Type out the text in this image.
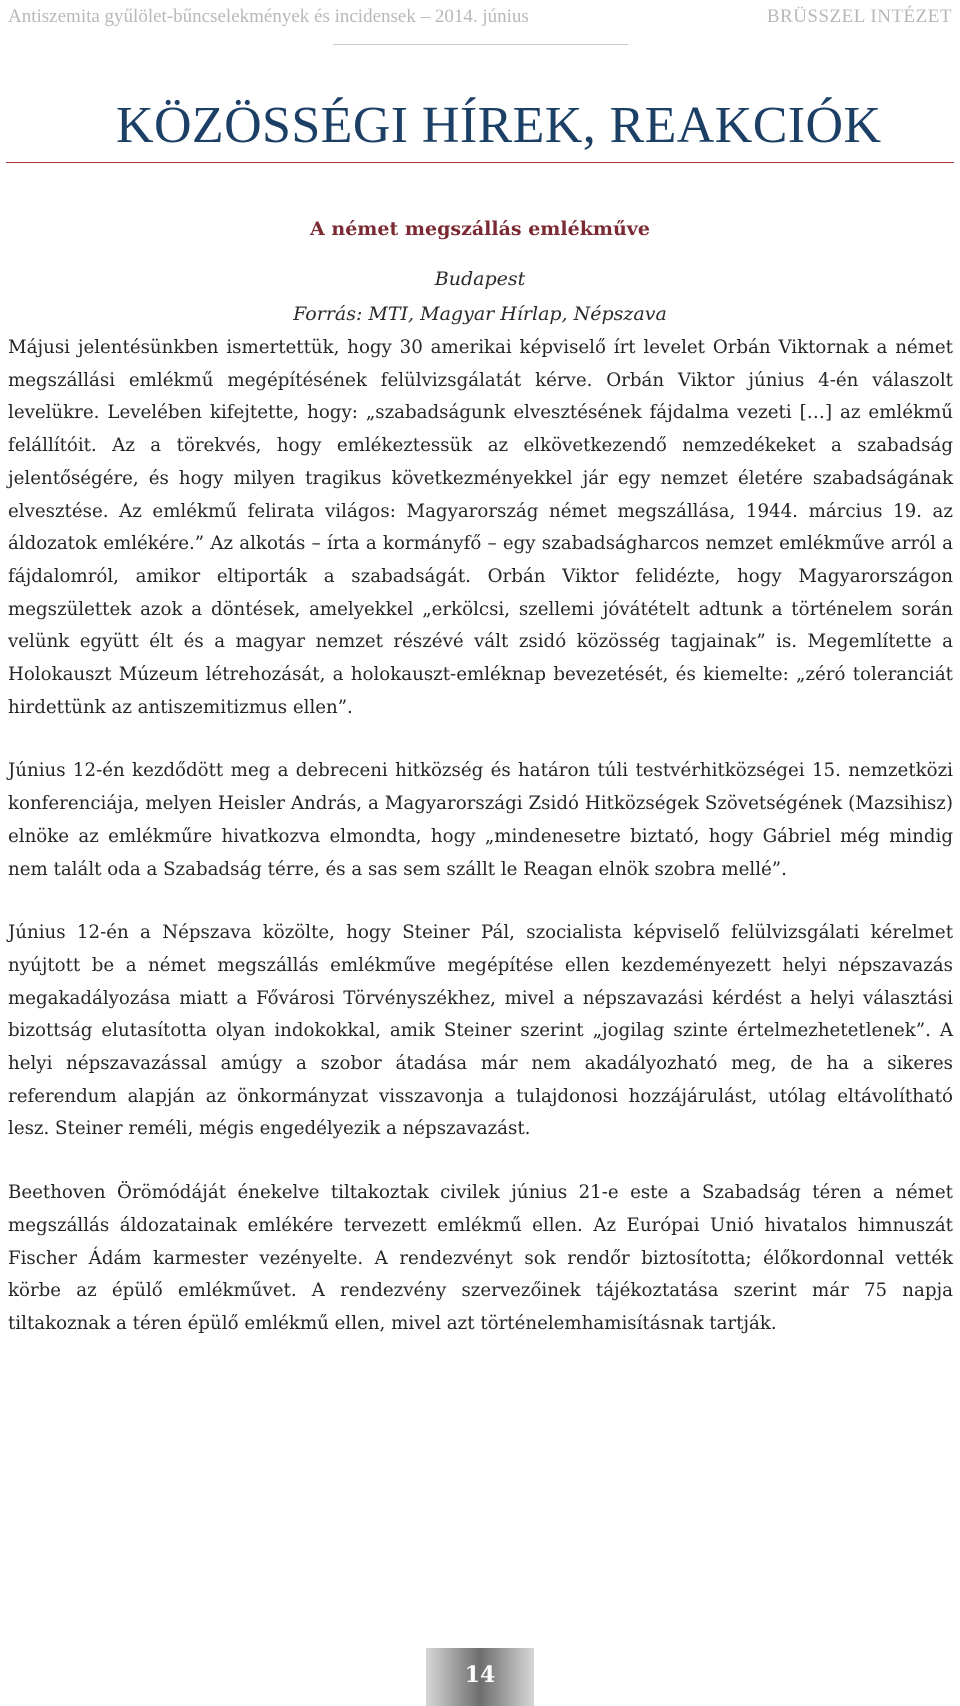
Antiszemita gyűlölet-bűncselekmények és incidensek – 2014. június	BRÜSSZEL INTÉZET
KÖZÖSSÉGI HÍREK, REAKCIÓK
A német megszállás emlékműve
Budapest
Forrás: MTI, Magyar Hírlap, Népszava

Májusi jelentésünkben ismertettük, hogy 30 amerikai képviselő írt levelet Orbán Viktornak a német megszállási emlékmű megépítésének felülvizsgálatát kérve. Orbán Viktor június 4-én válaszolt levelükre. Levelében kifejtette, hogy: „szabadságunk elvesztésének fájdalma vezeti […] az emlékmű felállítóit. Az a törekvés, hogy emlékeztessük az elkövetkezendő nemzedékeket a szabadság jelentőségére, és hogy milyen tragikus következményekkel jár egy nemzet életére szabadságának elvesztése. Az emlékmű felirata világos: Magyarország német megszállása, 1944. március 19. az áldozatok emlékére.” Az alkotás – írta a kormányfő – egy szabadságharcos nemzet emlékműve arról a fájdalomról, amikor eltiporták a szabadságát. Orbán Viktor felidézte, hogy Magyarországon megszülettek azok a döntések, amelyekkel „erkölcsi, szellemi jóvátételt adtunk a történelem során velünk együtt élt és a magyar nemzet részévé vált zsidó közösség tagjainak” is. Megemlítette a Holokauszt Múzeum létrehozását, a holokauszt-emléknap bevezetését, és kiemelte: „zéró toleranciát hirdettünk az antiszemitizmus ellen”.

Június 12-én kezdődött meg a debreceni hitközség és határon túli testvérhitközségei 15. nemzetközi konferenciája, melyen Heisler András, a Magyarországi Zsidó Hitközségek Szövetségének (Mazsihisz) elnöke az emlékműre hivatkozva elmondta, hogy „mindenesetre biztató, hogy Gábriel még mindig nem talált oda a Szabadság térre, és a sas sem szállt le Reagan elnök szobra mellé”.

Június 12-én a Népszava közölte, hogy Steiner Pál, szocialista képviselő felülvizsgálati kérelmet nyújtott be a német megszállás emlékműve megépítése ellen kezdeményezett helyi népszavazás megakadályozása miatt a Fővárosi Törvényszékhez, mivel a népszavazási kérdést a helyi választási bizottság elutasította olyan indokokkal, amik Steiner szerint „jogilag szinte értelmezhetetlenek”. A helyi népszavazással amúgy a szobor átadása már nem akadályozható meg, de ha a sikeres referendum alapján az önkormányzat visszavonja a tulajdonosi hozzájárulást, utólag eltávolítható lesz. Steiner reméli, mégis engedélyezik a népszavazást.

Beethoven Örömódáját énekelve tiltakoztak civilek június 21-e este a Szabadság téren a német megszállás áldozatainak emlékére tervezett emlékmű ellen. Az Európai Unió hivatalos himnuszát Fischer Ádám karmester vezényelte. A rendezvényt sok rendőr biztosította; élőkordonnal vették körbe az épülő emlékművet. A rendezvény szervezőinek tájékoztatása szerint már 75 napja tiltakoznak a téren épülő emlékmű ellen, mivel azt történelemhamisításnak tartják.

14
